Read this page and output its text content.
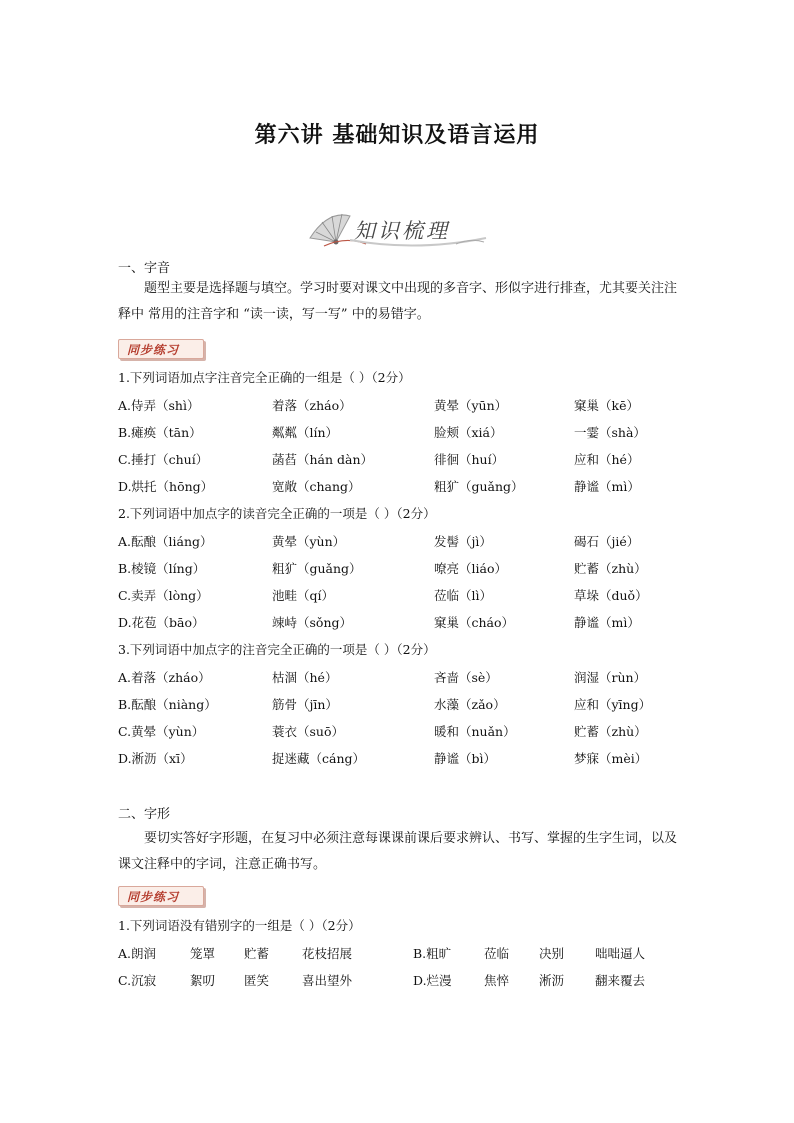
第六讲 基础知识及语言运用
知识梳理
一、字音
题型主要是选择题与填空。学习时要对课文中出现的多音字、形似字进行排查，尤其要关注注释中 常用的注音字和 “读一读，写一写” 中的易错字。
同步练习
1.下列词语加点字注音完全正确的一组是（ ）（2分）
A.侍弄（shì）	着落（zháo）	黄晕（yūn）	窠巢（kē）
B.瘫痪（tān）	粼粼（lín）	脸颊（xiá）	一霎（shà）
C.捶打（chuí）	菡萏（hán dàn）	徘徊（huí）	应和（hé）
D.烘托（hōng）	宽敞（chang）	粗犷（guǎng）	静谧（mì）
2.下列词语中加点字的读音完全正确的一项是（ ）（2分）
A.酝酿（liáng）	黄晕（yùn）	发髻（jì）	碣石（jié）
B.棱镜（líng）	粗犷（guǎng）	嘹亮（liáo）	贮蓄（zhù）
C.卖弄（lòng）	池畦（qí）	莅临（lì）	草垛（duǒ）
D.花苞（bāo）	竦峙（sǒng）	窠巢（cháo）	静谧（mì）
3.下列词语中加点字的注音完全正确的一项是（ ）（2分）
A.着落（zháo）	枯涸（hé）	吝啬（sè）	润湿（rùn）
B.酝酿（niàng）	筋骨（jīn）	水藻（zǎo）	应和（yīng）
C.黄晕（yùn）	蓑衣（suō）	暖和（nuǎn）	贮蓄（zhù）
D.淅沥（xī）	捉迷藏（cáng）	静谧（bì）	梦寐（mèi）
二、字形
要切实答好字形题，在复习中必须注意每课课前课后要求辨认、书写、掌握的生字生词，以及课文注释中的字词，注意正确书写。
同步练习
1.下列词语没有错别字的一组是（ ）（2分）
A.朗润	笼罩 贮蓄	花枝招展	B.粗旷	莅临 决别 咄咄逼人
C.沉寂	絮叨 匿笑	喜出望外	D.烂漫	焦悴 淅沥 翻来覆去
